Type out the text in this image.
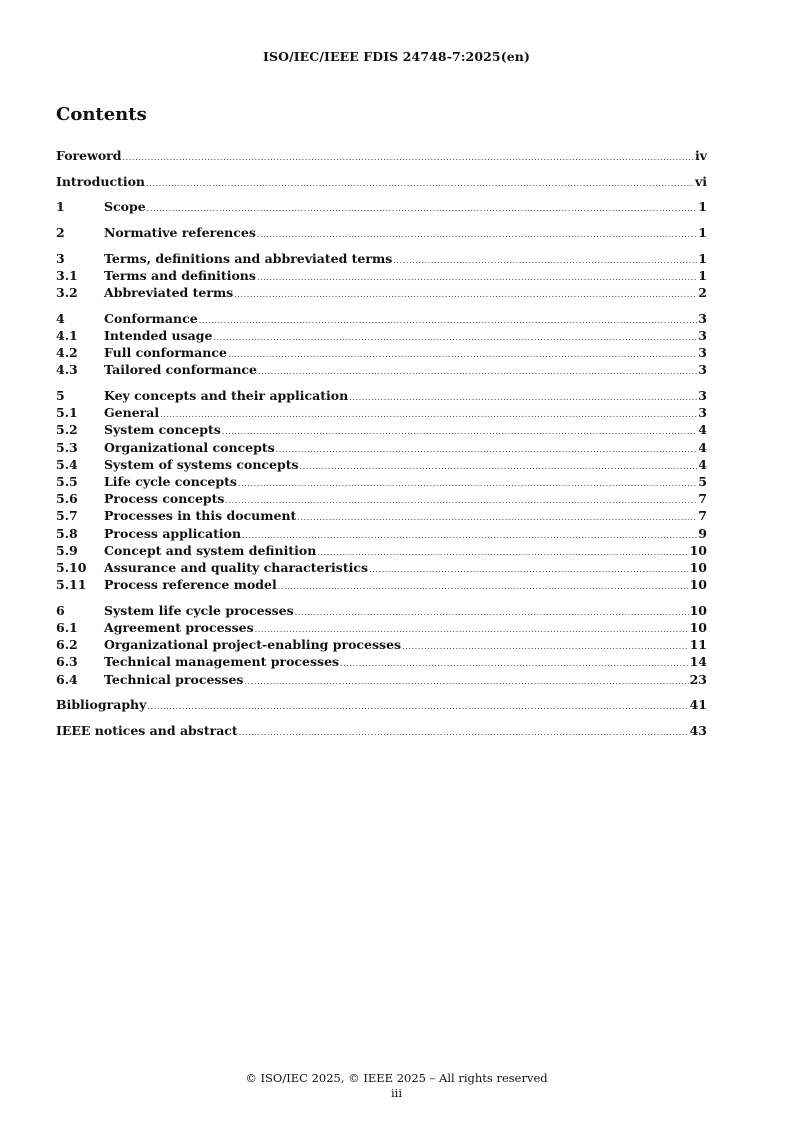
ISO/IEC/IEEE FDIS 24748-7:2025(en)
Contents
Foreword .....	iv
Introduction .....	vi
1	Scope .....	1
2	Normative references .....	1
3	Terms, definitions and abbreviated terms .....	1
3.1	Terms and definitions .....	1
3.2	Abbreviated terms .....	2
4	Conformance .....	3
4.1	Intended usage .....	3
4.2	Full conformance .....	3
4.3	Tailored conformance .....	3
5	Key concepts and their application .....	3
5.1	General .....	3
5.2	System concepts .....	4
5.3	Organizational concepts .....	4
5.4	System of systems concepts .....	4
5.5	Life cycle concepts .....	5
5.6	Process concepts .....	7
5.7	Processes in this document .....	7
5.8	Process application .....	9
5.9	Concept and system definition .....	10
5.10	Assurance and quality characteristics .....	10
5.11	Process reference model .....	10
6	System life cycle processes .....	10
6.1	Agreement processes .....	10
6.2	Organizational project-enabling processes .....	11
6.3	Technical management processes .....	14
6.4	Technical processes .....	23
Bibliography .....	41
IEEE notices and abstract .....	43
© ISO/IEC 2025, © IEEE 2025 – All rights reserved
iii
